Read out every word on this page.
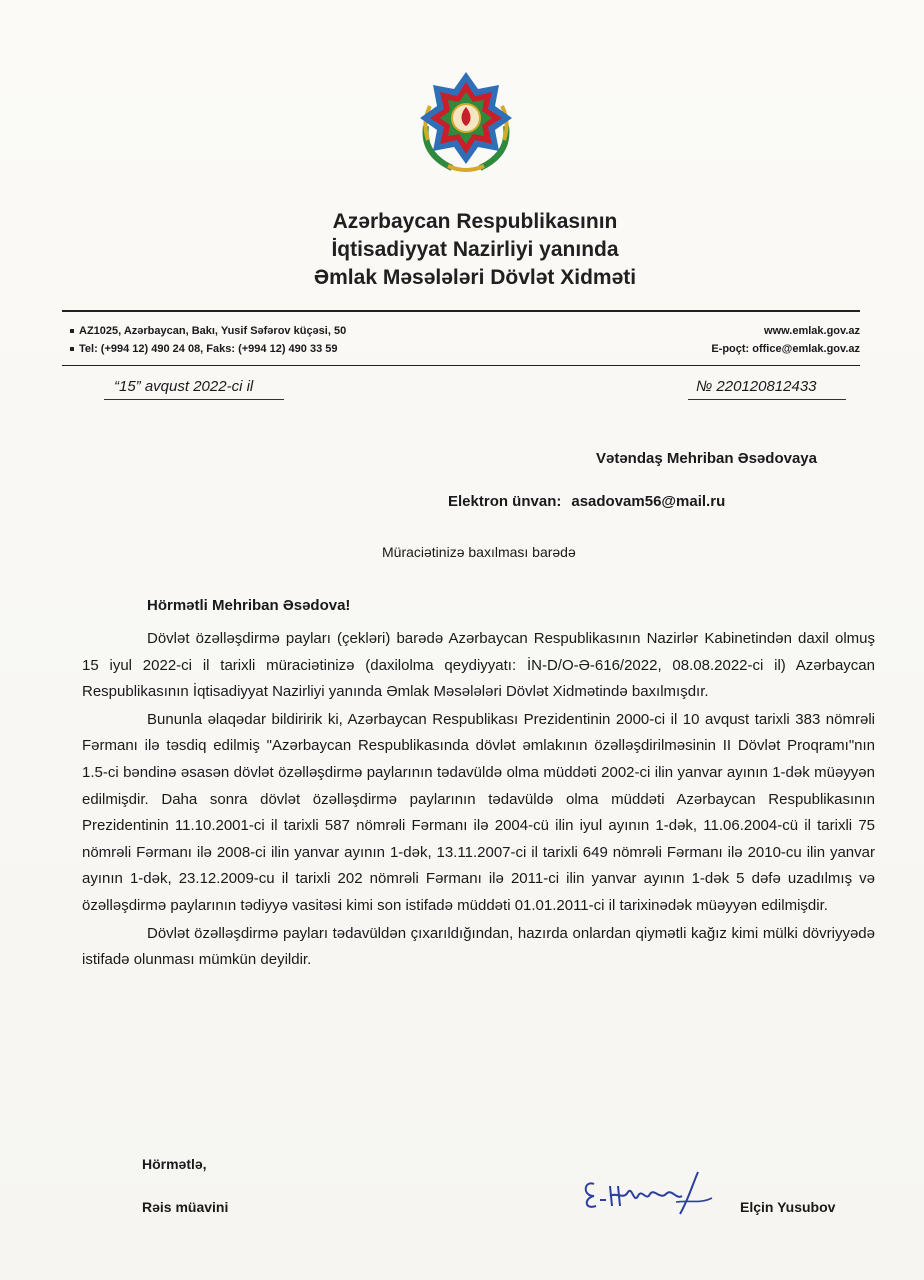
Azərbaycan Respublikasının
İqtisadiyyat Nazirliyi yanında
Əmlak Məsələləri Dövlət Xidməti
AZ1025, Azərbaycan, Bakı, Yusif Səfərov küçəsi, 50
Tel: (+994 12) 490 24 08, Faks: (+994 12) 490 33 59
www.emlak.gov.az
E-poçt: office@emlak.gov.az
“15” avqust 2022-ci il	№ 220120812433
Vətəndaş Mehriban Əsədovaya
Elektron ünvan: asadovam56@mail.ru
Müraciətinizə baxılması barədə
Hörmətli Mehriban Əsədova!

Dövlət özəlləşdirmə payları (çekləri) barədə Azərbaycan Respublikasının Nazirlər Kabinetindən daxil olmuş 15 iyul 2022-ci il tarixli müraciətinizə (daxilolma qeydiyyatı: İN-D/O-Ə-616/2022, 08.08.2022-ci il) Azərbaycan Respublikasının İqtisadiyyat Nazirliyi yanında Əmlak Məsələləri Dövlət Xidmətində baxılmışdır.

Bununla əlaqədar bildiririk ki, Azərbaycan Respublikası Prezidentinin 2000-ci il 10 avqust tarixli 383 nömrəli Fərmanı ilə təsdiq edilmiş "Azərbaycan Respublikasında dövlət əmlakının özəlləşdirilməsinin II Dövlət Proqramı"nın 1.5-ci bəndinə əsasən dövlət özəlləşdirmə paylarının tədavüldə olma müddəti 2002-ci ilin yanvar ayının 1-dək müəyyən edilmişdir. Daha sonra dövlət özəlləşdirmə paylarının tədavüldə olma müddəti Azərbaycan Respublikasının Prezidentinin 11.10.2001-ci il tarixli 587 nömrəli Fərmanı ilə 2004-cü ilin iyul ayının 1-dək, 11.06.2004-cü il tarixli 75 nömrəli Fərmanı ilə 2008-ci ilin yanvar ayının 1-dək, 13.11.2007-ci il tarixli 649 nömrəli Fərmanı ilə 2010-cu ilin yanvar ayının 1-dək, 23.12.2009-cu il tarixli 202 nömrəli Fərmanı ilə 2011-ci ilin yanvar ayının 1-dək 5 dəfə uzadılmış və özəlləşdirmə paylarının tədiyyə vasitəsi kimi son istifadə müddəti 01.01.2011-ci il tarixinədək müəyyən edilmişdir.

Dövlət özəlləşdirmə payları tədavüldən çıxarıldığından, hazırda onlardan qiymətli kağız kimi mülki dövriyyədə istifadə olunması mümkün deyildir.

Hörmətlə,
Rəis müavini	Elçin Yusubov
